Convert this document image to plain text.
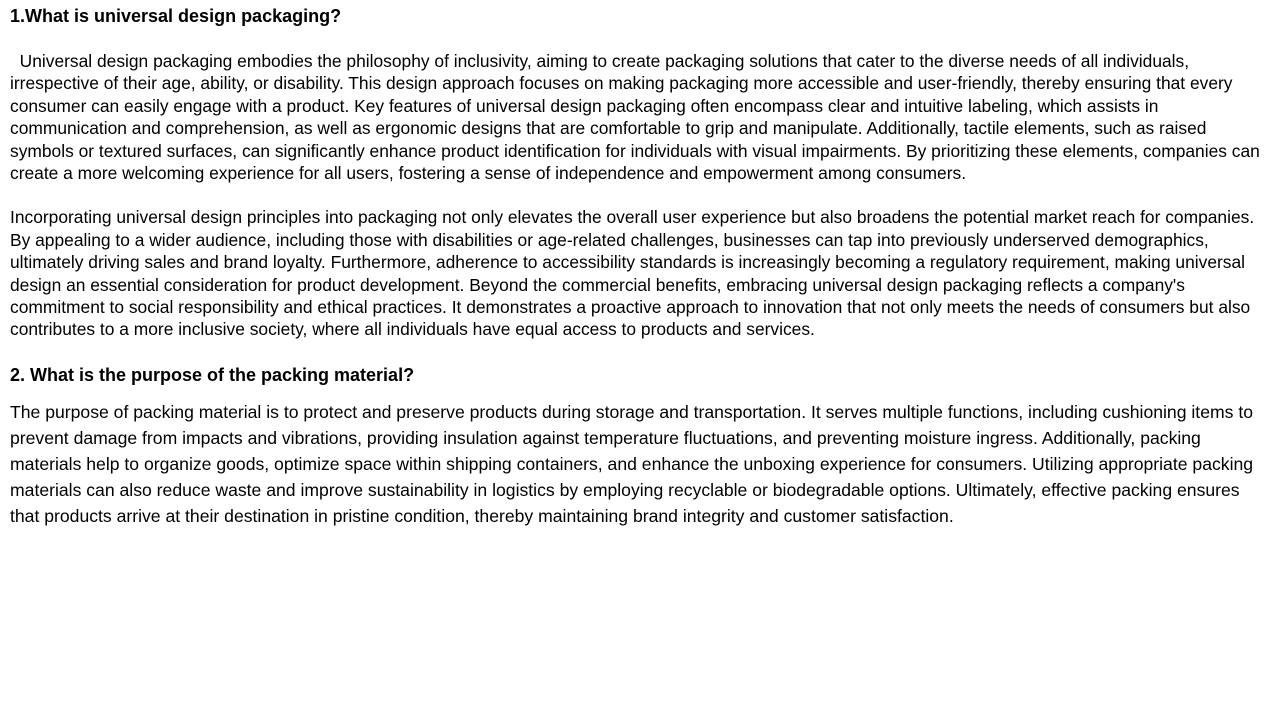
1.What is universal design packaging?

Universal design packaging embodies the philosophy of inclusivity, aiming to create packaging solutions that cater to the diverse needs of all individuals, irrespective of their age, ability, or disability. This design approach focuses on making packaging more accessible and user-friendly, thereby ensuring that every consumer can easily engage with a product. Key features of universal design packaging often encompass clear and intuitive labeling, which assists in communication and comprehension, as well as ergonomic designs that are comfortable to grip and manipulate. Additionally, tactile elements, such as raised symbols or textured surfaces, can significantly enhance product identification for individuals with visual impairments. By prioritizing these elements, companies can create a more welcoming experience for all users, fostering a sense of independence and empowerment among consumers.

Incorporating universal design principles into packaging not only elevates the overall user experience but also broadens the potential market reach for companies. By appealing to a wider audience, including those with disabilities or age-related challenges, businesses can tap into previously underserved demographics, ultimately driving sales and brand loyalty. Furthermore, adherence to accessibility standards is increasingly becoming a regulatory requirement, making universal design an essential consideration for product development. Beyond the commercial benefits, embracing universal design packaging reflects a company's commitment to social responsibility and ethical practices. It demonstrates a proactive approach to innovation that not only meets the needs of consumers but also contributes to a more inclusive society, where all individuals have equal access to products and services.

2. What is the purpose of the packing material?

The purpose of packing material is to protect and preserve products during storage and transportation. It serves multiple functions, including cushioning items to prevent damage from impacts and vibrations, providing insulation against temperature fluctuations, and preventing moisture ingress. Additionally, packing materials help to organize goods, optimize space within shipping containers, and enhance the unboxing experience for consumers. Utilizing appropriate packing materials can also reduce waste and improve sustainability in logistics by employing recyclable or biodegradable options. Ultimately, effective packing ensures that products arrive at their destination in pristine condition, thereby maintaining brand integrity and customer satisfaction.
